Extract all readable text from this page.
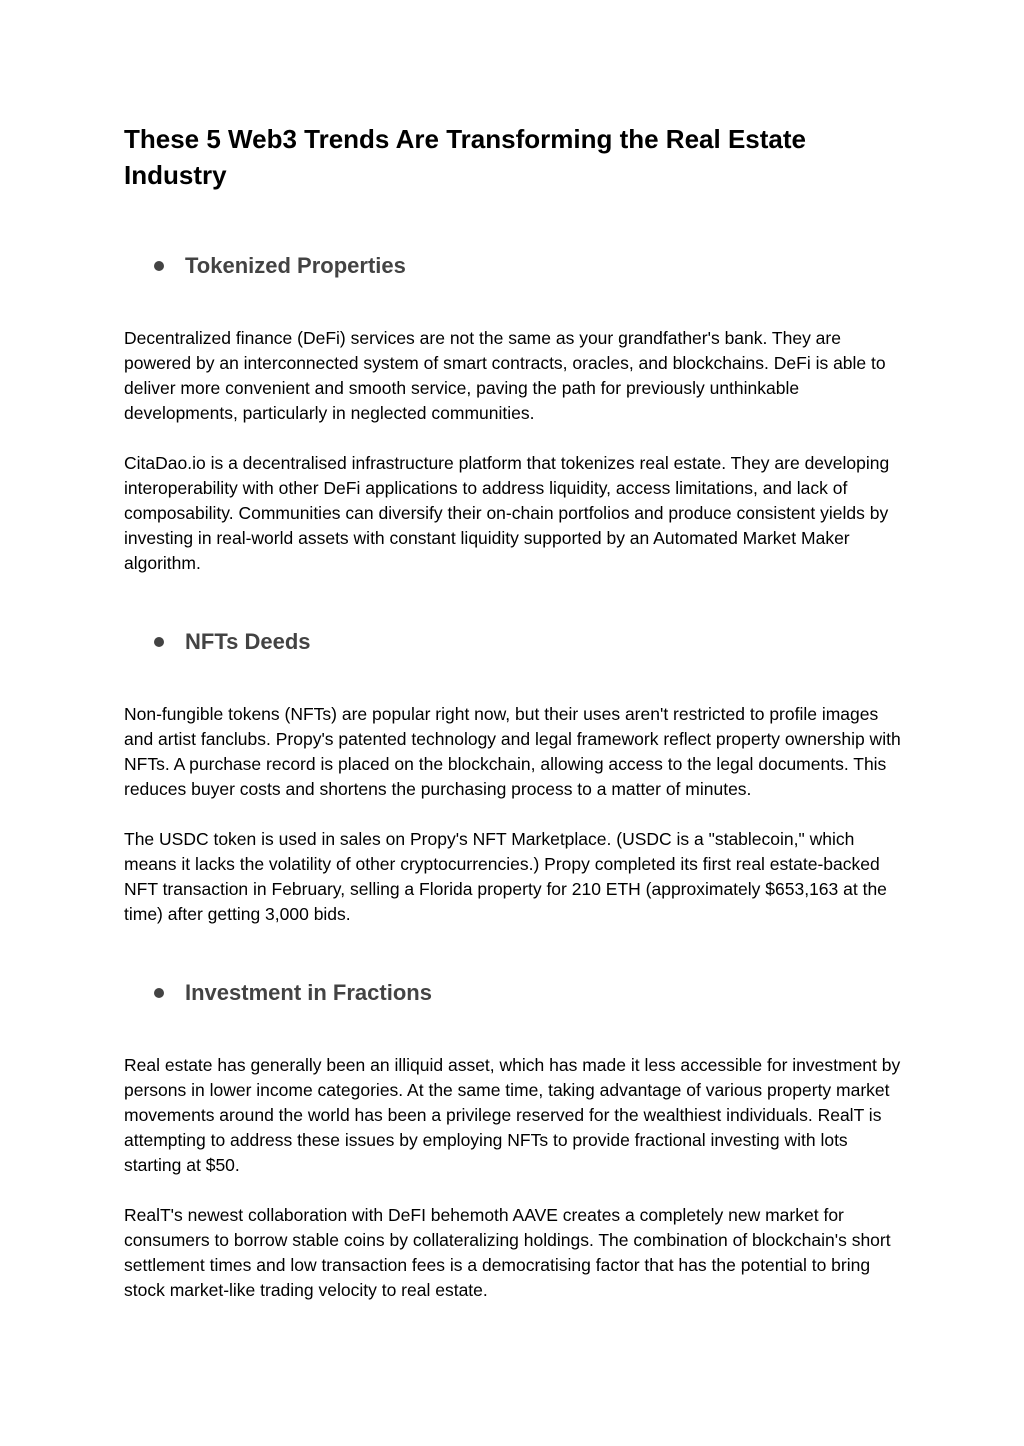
These 5 Web3 Trends Are Transforming the Real Estate Industry
Tokenized Properties

Decentralized finance (DeFi) services are not the same as your grandfather's bank. They are powered by an interconnected system of smart contracts, oracles, and blockchains. DeFi is able to deliver more convenient and smooth service, paving the path for previously unthinkable developments, particularly in neglected communities.

CitaDao.io is a decentralised infrastructure platform that tokenizes real estate. They are developing interoperability with other DeFi applications to address liquidity, access limitations, and lack of composability. Communities can diversify their on-chain portfolios and produce consistent yields by investing in real-world assets with constant liquidity supported by an Automated Market Maker algorithm.

NFTs Deeds

Non-fungible tokens (NFTs) are popular right now, but their uses aren't restricted to profile images and artist fanclubs. Propy's patented technology and legal framework reflect property ownership with NFTs. A purchase record is placed on the blockchain, allowing access to the legal documents. This reduces buyer costs and shortens the purchasing process to a matter of minutes.

The USDC token is used in sales on Propy's NFT Marketplace. (USDC is a "stablecoin," which means it lacks the volatility of other cryptocurrencies.) Propy completed its first real estate-backed NFT transaction in February, selling a Florida property for 210 ETH (approximately $653,163 at the time) after getting 3,000 bids.

Investment in Fractions

Real estate has generally been an illiquid asset, which has made it less accessible for investment by persons in lower income categories. At the same time, taking advantage of various property market movements around the world has been a privilege reserved for the wealthiest individuals. RealT is attempting to address these issues by employing NFTs to provide fractional investing with lots starting at $50.

RealT's newest collaboration with DeFI behemoth AAVE creates a completely new market for consumers to borrow stable coins by collateralizing holdings. The combination of blockchain's short settlement times and low transaction fees is a democratising factor that has the potential to bring stock market-like trading velocity to real estate.
